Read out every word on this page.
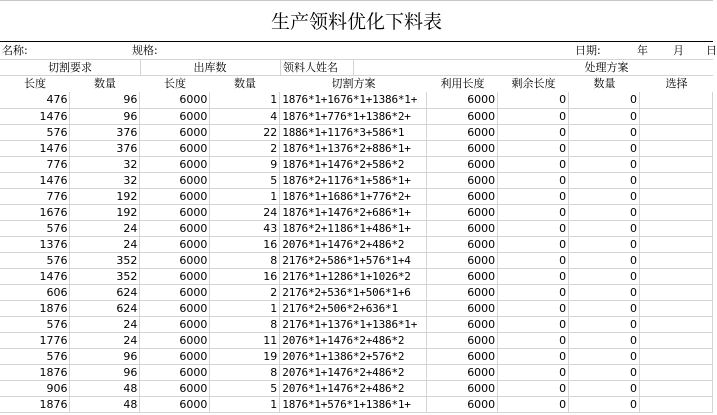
生产领料优化下料表
名称:	规格:	日期:	年 月 日
切割要求	出库数	领料人姓名	处理方案
长度	数量	长度	数量	切割方案	利用长度	剩余长度	数量	选择
476	96	6000	1	1876*1+1676*1+1386*1+	6000	0	0	
1476	96	6000	4	1876*1+776*1+1386*2+	6000	0	0	
576	376	6000	22	1886*1+1176*3+586*1	6000	0	0	
1476	376	6000	2	1876*1+1376*2+886*1+	6000	0	0	
776	32	6000	9	1876*1+1476*2+586*2	6000	0	0	
1476	32	6000	5	1876*2+1176*1+586*1+	6000	0	0	
776	192	6000	1	1876*1+1686*1+776*2+	6000	0	0	
1676	192	6000	24	1876*1+1476*2+686*1+	6000	0	0	
576	24	6000	43	1876*2+1186*1+486*1+	6000	0	0	
1376	24	6000	16	2076*1+1476*2+486*2	6000	0	0	
576	352	6000	8	2176*2+586*1+576*1+4	6000	0	0	
1476	352	6000	16	2176*1+1286*1+1026*2	6000	0	0	
606	624	6000	2	2176*2+536*1+506*1+6	6000	0	0	
1876	624	6000	1	2176*2+506*2+636*1	6000	0	0	
576	24	6000	8	2176*1+1376*1+1386*1+	6000	0	0	
1776	24	6000	11	2076*1+1476*2+486*2	6000	0	0	
576	96	6000	19	2076*1+1386*2+576*2	6000	0	0	
1876	96	6000	8	2076*1+1476*2+486*2	6000	0	0	
906	48	6000	5	2076*1+1476*2+486*2	6000	0	0	
1876	48	6000	1	1876*1+576*1+1386*1+	6000	0	0	
